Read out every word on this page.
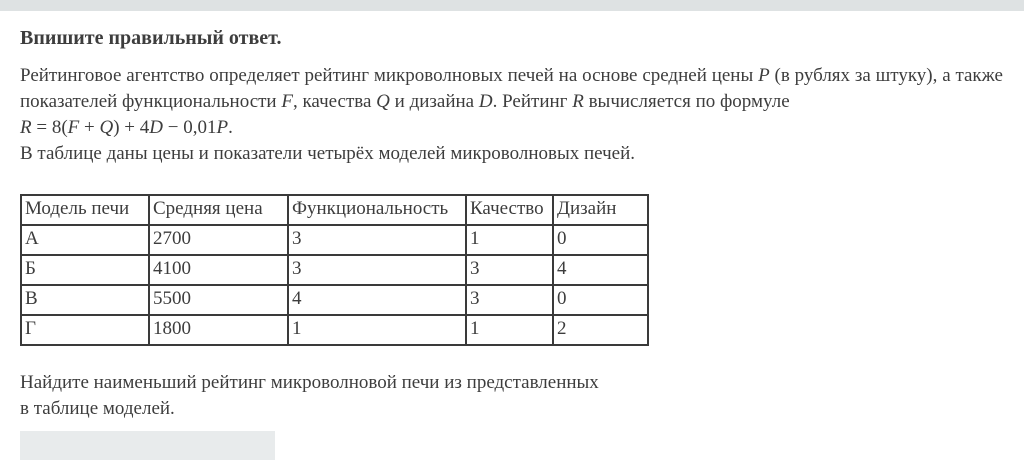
Впишите правильный ответ.

Рейтинговое агентство определяет рейтинг микроволновых печей на основе средней цены P (в рублях за штуку), а также показателей функциональности F, качества Q и дизайна D. Рейтинг R вычисляется по формуле
R = 8(F + Q) + 4D − 0,01P.
В таблице даны цены и показатели четырёх моделей микроволновых печей.
Модель печи	Средняя цена	Функциональность	Качество	Дизайн
А	2700	3	1	0
Б	4100	3	3	4
В	5500	4	3	0
Г	1800	1	1	2
Найдите наименьший рейтинг микроволновой печи из представленных
в таблице моделей.
